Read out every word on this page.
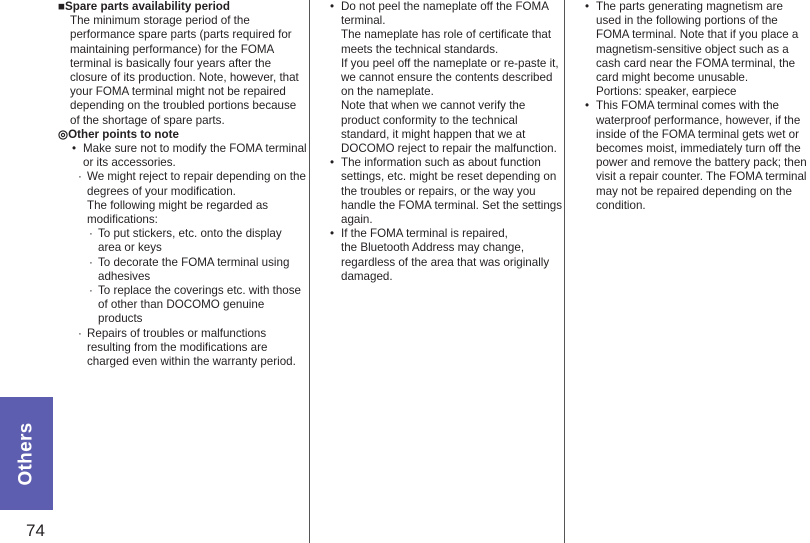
Others
74

■Spare parts availability period

The minimum storage period of the performance spare parts (parts required for maintaining performance) for the FOMA terminal is basically four years after the closure of its production. Note, however, that your FOMA terminal might not be repaired depending on the troubled portions because of the shortage of spare parts.

◎Other points to note

• Make sure not to modify the FOMA terminal or its accessories.
· We might reject to repair depending on the degrees of your modification.
The following might be regarded as modifications:
· To put stickers, etc. onto the display area or keys
· To decorate the FOMA terminal using adhesives
· To replace the coverings etc. with those of other than DOCOMO genuine products
· Repairs of troubles or malfunctions resulting from the modifications are charged even within the warranty period.
• Do not peel the nameplate off the FOMA terminal.
The nameplate has role of certificate that meets the technical standards.
If you peel off the nameplate or re-paste it, we cannot ensure the contents described on the nameplate.
Note that when we cannot verify the product conformity to the technical standard, it might happen that we at DOCOMO reject to repair the malfunction.
• The information such as about function settings, etc. might be reset depending on the troubles or repairs, or the way you handle the FOMA terminal. Set the settings again.
• If the FOMA terminal is repaired,
the Bluetooth Address may change, regardless of the area that was originally damaged.
• The parts generating magnetism are used in the following portions of the FOMA terminal. Note that if you place a magnetism-sensitive object such as a cash card near the FOMA terminal, the card might become unusable.
Portions: speaker, earpiece
• This FOMA terminal comes with the waterproof performance, however, if the inside of the FOMA terminal gets wet or becomes moist, immediately turn off the power and remove the battery pack; then visit a repair counter. The FOMA terminal may not be repaired depending on the condition.
